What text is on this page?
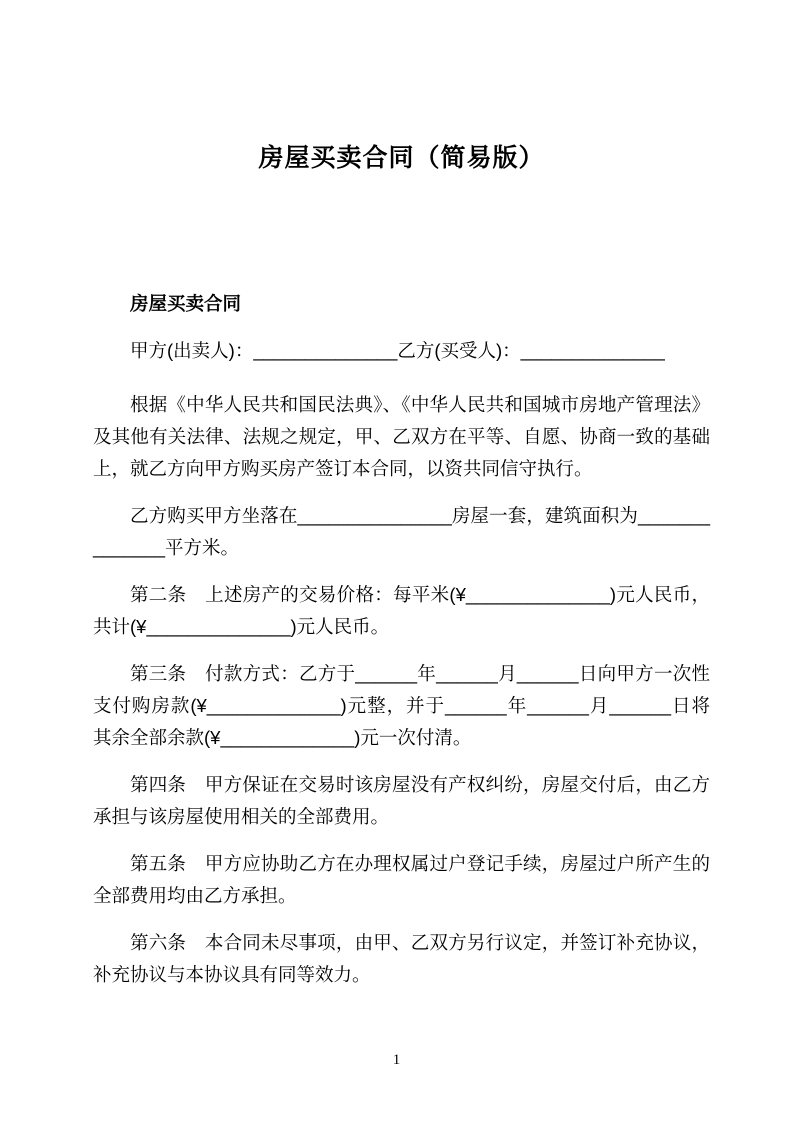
房屋买卖合同（简易版）
房屋买卖合同

甲方(出卖人)：______________乙方(买受人)：______________

根据《中华人民共和国民法典》、《中华人民共和国城市房地产管理法》及其他有关法律、法规之规定，甲、乙双方在平等、自愿、协商一致的基础上，就乙方向甲方购买房产签订本合同，以资共同信守执行。

乙方购买甲方坐落在_______________房屋一套，建筑面积为______________平方米。

第二条　上述房产的交易价格：每平米(¥______________)元人民币，共计(¥______________)元人民币。

第三条　付款方式：乙方于______年______月______日向甲方一次性支付购房款(¥_____________)元整，并于______年______月______日将其余全部余款(¥_____________)元一次付清。

第四条　甲方保证在交易时该房屋没有产权纠纷，房屋交付后，由乙方承担与该房屋使用相关的全部费用。

第五条　甲方应协助乙方在办理权属过户登记手续，房屋过户所产生的全部费用均由乙方承担。

第六条　本合同未尽事项，由甲、乙双方另行议定，并签订补充协议，补充协议与本协议具有同等效力。

1
